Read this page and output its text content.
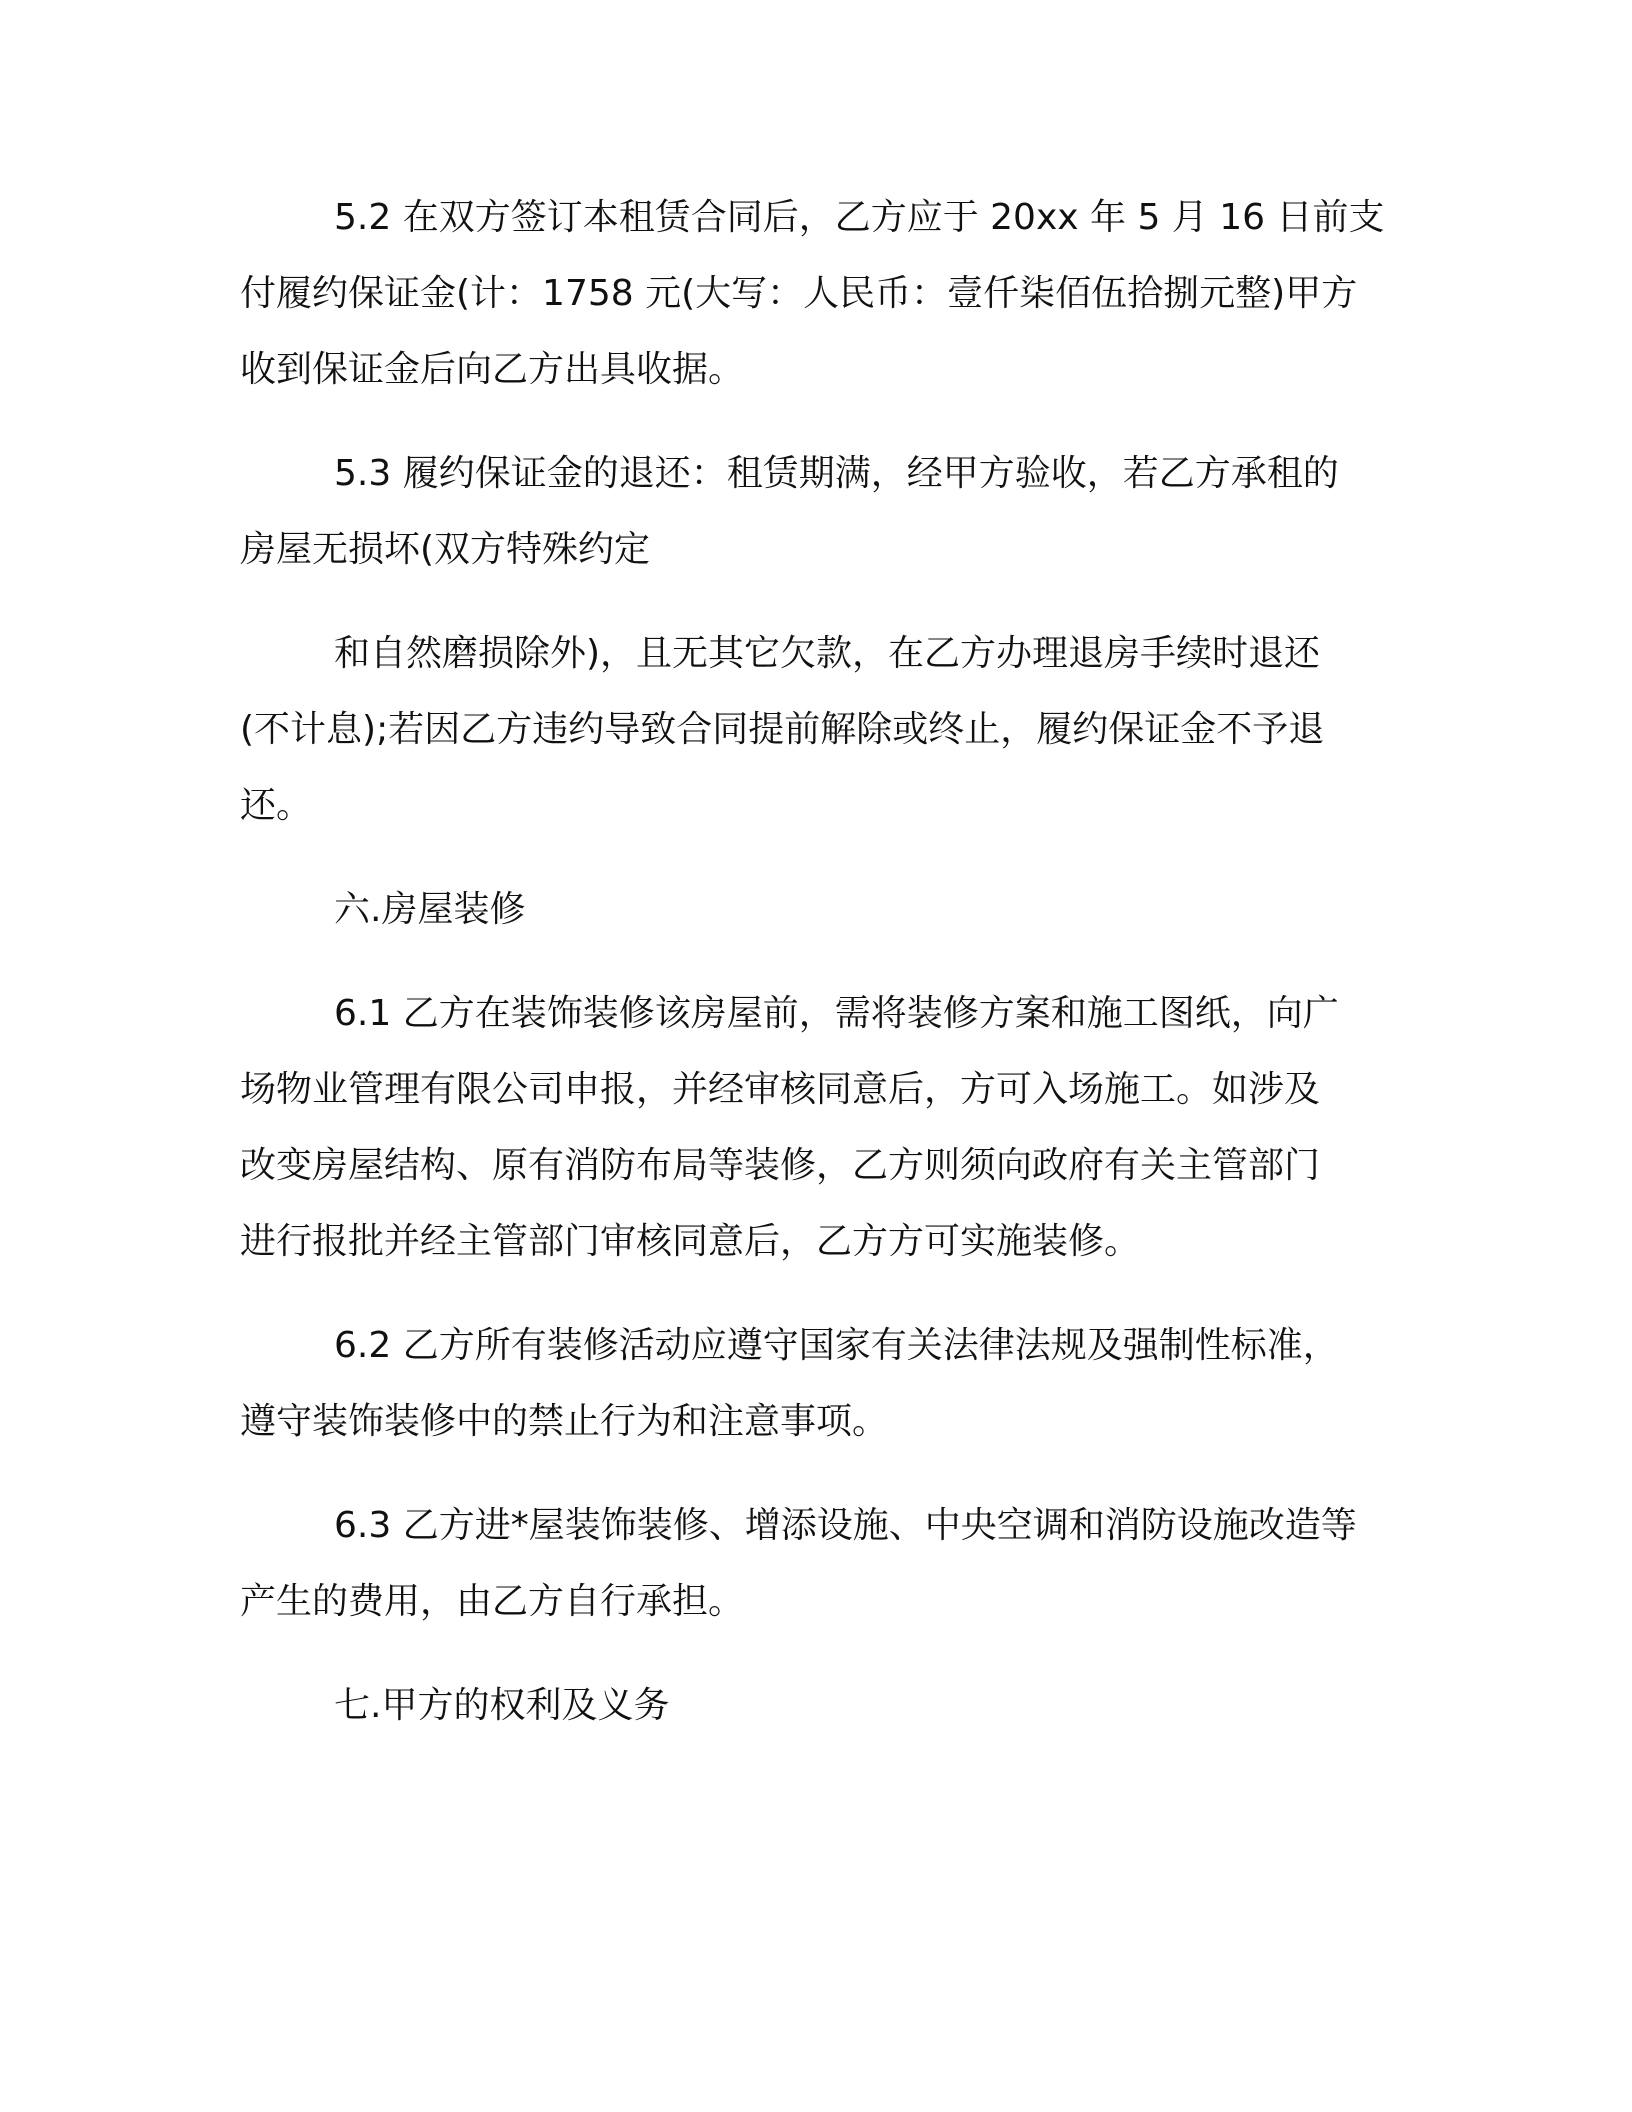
5.2 在双方签订本租赁合同后，乙方应于 20xx 年 5 月 16 日前支
付履约保证金(计：1758 元(大写：人民币：壹仟柒佰伍拾捌元整)甲方
收到保证金后向乙方出具收据。
5.3 履约保证金的退还：租赁期满，经甲方验收，若乙方承租的
房屋无损坏(双方特殊约定
和自然磨损除外)，且无其它欠款，在乙方办理退房手续时退还
(不计息);若因乙方违约导致合同提前解除或终止，履约保证金不予退
还。
六.房屋装修
6.1 乙方在装饰装修该房屋前，需将装修方案和施工图纸，向广
场物业管理有限公司申报，并经审核同意后，方可入场施工。如涉及
改变房屋结构、原有消防布局等装修，乙方则须向政府有关主管部门
进行报批并经主管部门审核同意后，乙方方可实施装修。
6.2 乙方所有装修活动应遵守国家有关法律法规及强制性标准，
遵守装饰装修中的禁止行为和注意事项。
6.3 乙方进*屋装饰装修、增添设施、中央空调和消防设施改造等
产生的费用，由乙方自行承担。
七.甲方的权利及义务
